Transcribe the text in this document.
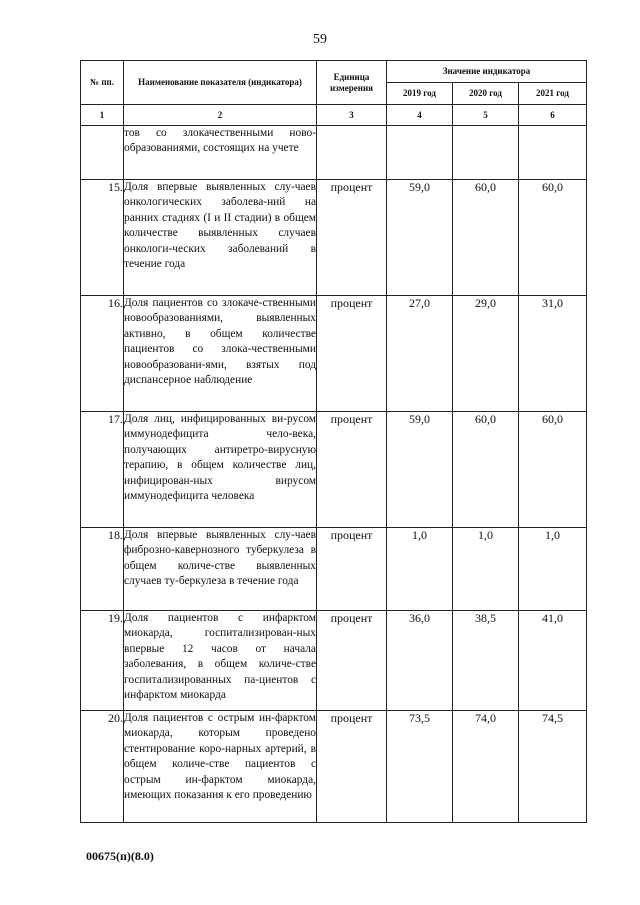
59
№ пп.	Наименование показателя (индикатора)	Единица измерения	Значение индикатора		
			2019 год	2020 год	2021 год
1	2	3	4	5	6
	тов со злокачественными ново-образованиями, состоящих на учете				
15.	Доля впервые выявленных слу-чаев онкологических заболева-ний на ранних стадиях (I и II стадии) в общем количестве выявленных случаев онкологи-ческих заболеваний в течение года	процент	59,0	60,0	60,0
16.	Доля пациентов со злокаче-ственными новообразованиями, выявленных активно, в общем количестве пациентов со злока-чественными новообразовани-ями, взятых под диспансерное наблюдение	процент	27,0	29,0	31,0
17.	Доля лиц, инфицированных ви-русом иммунодефицита чело-века, получающих антиретро-вирусную терапию, в общем количестве лиц, инфицирован-ных вирусом иммунодефицита человека	процент	59,0	60,0	60,0
18.	Доля впервые выявленных слу-чаев фиброзно-кавернозного туберкулеза в общем количе-стве выявленных случаев ту-беркулеза в течение года	процент	1,0	1,0	1,0
19.	Доля пациентов с инфарктом миокарда, госпитализирован-ных впервые 12 часов от начала заболевания, в общем количе-стве госпитализированных па-циентов с инфарктом миокарда	процент	36,0	38,5	41,0
20.	Доля пациентов с острым ин-фарктом миокарда, которым проведено стентирование коро-нарных артерий, в общем количе-стве пациентов с острым ин-фарктом миокарда, имеющих показания к его проведению	процент	73,5	74,0	74,5
00675(п)(8.0)
